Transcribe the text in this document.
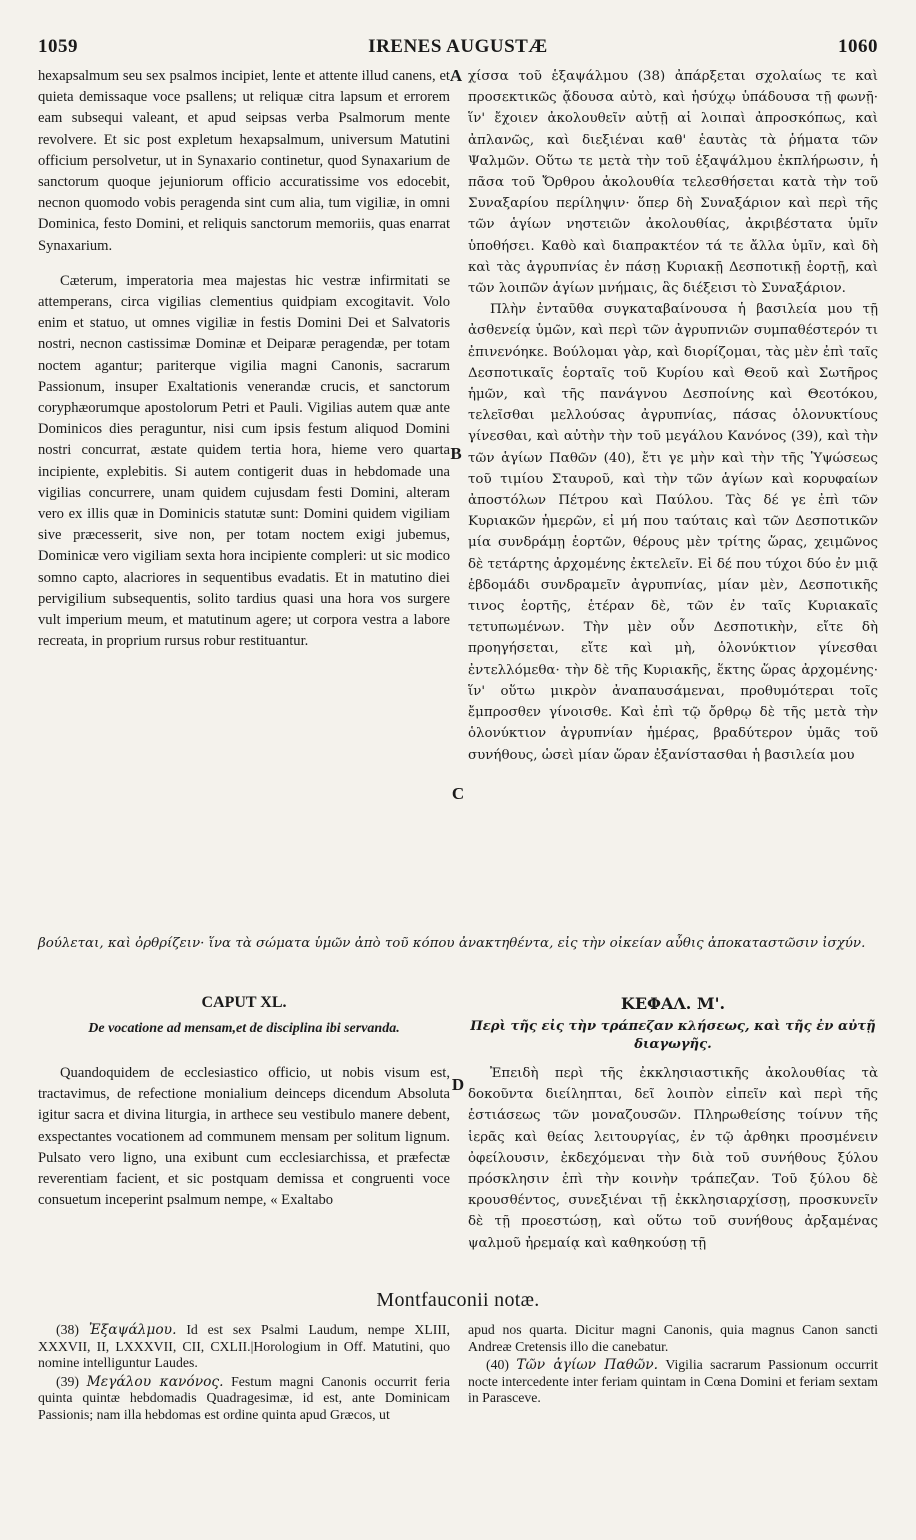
1059	IRENES AUGUSTÆ	1060

hexapsalmum seu sex psalmos incipiet, lente et attente illud canens, et quieta demissaque voce psallens; ut reliquæ citra lapsum et errorem eam subsequi valeant, et apud seipsas verba Psalmorum mente revolvere. Et sic post expletum hexapsalmum, universum Matutini officium persolvetur, ut in Synaxario continetur, quod Synaxarium de sanctorum quoque jejuniorum officio accuratissime vos edocebit, necnon quomodo vobis peragenda sint cum alia, tum vigiliæ, in omni Dominica, festo Domini, et reliquis sanctorum memoriis, quas enarrat Synaxarium.

Cæterum, imperatoria mea majestas hic vestræ infirmitati se attemperans, circa vigilias clementius quidpiam excogitavit. Volo enim et statuo, ut omnes vigiliæ in festis Domini Dei et Salvatoris nostri, necnon castissimæ Dominæ et Deiparæ peragendæ, per totam noctem agantur; pariterque vigilia magni Canonis, sacrarum Passionum, insuper Exaltationis venerandæ crucis, et sanctorum coryphæorumque apostolorum Petri et Pauli. Vigilias autem quæ ante Dominicos dies peraguntur, nisi cum ipsis festum aliquod Domini nostri concurrat, æstate quidem tertia hora, hieme vero quarta incipiente, explebitis. Si autem contigerit duas in hebdomade una vigilias concurrere, unam quidem cujusdam festi Domini, alteram vero ex illis quæ in Dominicis statutæ sunt: Domini quidem vigiliam sive præcesserit, sive non, per totam noctem exigi jubemus, Dominicæ vero vigiliam sexta hora incipiente compleri: ut sic modico somno capto, alacriores in sequentibus evadatis. Et in matutino diei pervigilium subsequentis, solito tardius quasi una hora vos surgere vult imperium meum, et matutinum agere; ut corpora vestra a labore recreata, in proprium rursus robur restituantur.

χίσσα τοῦ ἑξαψάλμου (38) ἀπάρξεται σχολαίως τε καὶ προσεκτικῶς ᾄδουσα αὐτὸ, καὶ ἡσύχῳ ὑπάδουσα τῇ φωνῇ· ἵν' ἔχοιεν ἀκολουθεῖν αὐτῇ αἱ λοιπαὶ ἀπροσκόπως, καὶ ἀπλανῶς, καὶ διεξιέναι καθ' ἑαυτὰς τὰ ῥήματα τῶν Ψαλμῶν. Οὕτω τε μετὰ τὴν τοῦ ἑξαψάλμου ἐκπλήρωσιν, ἡ πᾶσα τοῦ Ὄρθρου ἀκολουθία τελεσθήσεται κατὰ τὴν τοῦ Συναξαρίου περίληψιν· ὅπερ δὴ Συναξάριον καὶ περὶ τῆς τῶν ἁγίων νηστειῶν ἀκολουθίας, ἀκριβέστατα ὑμῖν ὑποθήσει. Καθὸ καὶ διαπρακτέον τά τε ἄλλα ὑμῖν, καὶ δὴ καὶ τὰς ἀγρυπνίας ἐν πάσῃ Κυριακῇ Δεσποτικῇ ἑορτῇ, καὶ τῶν λοιπῶν ἁγίων μνήμαις, ἃς διέξεισι τὸ Συναξάριον.

Πλὴν ἐνταῦθα συγκαταβαίνουσα ἡ βασιλεία μου τῇ ἀσθενείᾳ ὑμῶν, καὶ περὶ τῶν ἀγρυπνιῶν συμπαθέστερόν τι ἐπινενόηκε. Βούλομαι γὰρ, καὶ διορίζομαι, τὰς μὲν ἐπὶ ταῖς Δεσποτικαῖς ἑορταῖς τοῦ Κυρίου καὶ Θεοῦ καὶ Σωτῆρος ἡμῶν, καὶ τῆς πανάγνου Δεσποίνης καὶ Θεοτόκου, τελεῖσθαι μελλούσας ἀγρυπνίας, πάσας ὁλονυκτίους γίνεσθαι, καὶ αὐτὴν τὴν τοῦ μεγάλου Κανόνος (39), καὶ τὴν τῶν ἁγίων Παθῶν (40), ἔτι γε μὴν καὶ τὴν τῆς Ὑψώσεως τοῦ τιμίου Σταυροῦ, καὶ τὴν τῶν ἁγίων καὶ κορυφαίων ἀποστόλων Πέτρου καὶ Παύλου. Τὰς δέ γε ἐπὶ τῶν Κυριακῶν ἡμερῶν, εἰ μή που ταύταις καὶ τῶν Δεσποτικῶν μία συνδράμῃ ἑορτῶν, θέρους μὲν τρίτης ὥρας, χειμῶνος δὲ τετάρτης ἀρχομένης ἐκτελεῖν. Εἰ δέ που τύχοι δύο ἐν μιᾷ ἑβδομάδι συνδραμεῖν ἀγρυπνίας, μίαν μὲν, Δεσποτικῆς τινος ἑορτῆς, ἑτέραν δὲ, τῶν ἐν ταῖς Κυριακαῖς τετυπωμένων. Τὴν μὲν οὖν Δεσποτικὴν, εἴτε δὴ προηγήσεται, εἴτε καὶ μὴ, ὁλονύκτιον γίνεσθαι ἐντελλόμεθα· τὴν δὲ τῆς Κυριακῆς, ἕκτης ὥρας ἀρχομένης· ἵν' οὕτω μικρὸν ἀναπαυσάμεναι, προθυμότεραι τοῖς ἔμπροσθεν γίνοισθε. Καὶ ἐπὶ τῷ ὄρθρῳ δὲ τῆς μετὰ τὴν ὁλονύκτιον ἀγρυπνίαν ἡμέρας, βραδύτερον ὑμᾶς τοῦ συνήθους, ὡσεὶ μίαν ὥραν ἐξανίστασθαι ἡ βασιλεία μου

A
B
C
D
βούλεται, καὶ ὀρθρίζειν· ἵνα τὰ σώματα ὑμῶν ἀπὸ τοῦ κόπου ἀνακτηθέντα, εἰς τὴν οἰκείαν αὖθις ἀποκαταστῶσιν ἰσχύν.
CAPUT XL.
De vocatione ad mensam,et de disciplina ibi servanda.
ΚΕΦΑΛ. Μ'.
Περὶ τῆς εἰς τὴν τράπεζαν κλήσεως, καὶ τῆς ἐν αὐτῇ διαγωγῆς.

Quandoquidem de ecclesiastico officio, ut nobis visum est, tractavimus, de refectione monialium deinceps dicendum Absoluta igitur sacra et divina liturgia, in arthece seu vestibulo manere debent, exspectantes vocationem ad communem mensam per solitum lignum. Pulsato vero ligno, una exibunt cum ecclesiarchissa, et præfectæ reverentiam facient, et sic postquam demissa et congruenti voce consuetum inceperint psalmum nempe, « Exaltabo

Ἐπειδὴ περὶ τῆς ἐκκλησιαστικῆς ἀκολουθίας τὰ δοκοῦντα διείληπται, δεῖ λοιπὸν εἰπεῖν καὶ περὶ τῆς ἑστιάσεως τῶν μοναζουσῶν. Πληρωθείσης τοίνυν τῆς ἱερᾶς καὶ θείας λειτουργίας, ἐν τῷ ἀρθηκι προσμένειν ὀφείλουσιν, ἐκδεχόμεναι τὴν διὰ τοῦ συνήθους ξύλου πρόσκλησιν ἐπὶ τὴν κοινὴν τράπεζαν. Τοῦ ξύλου δὲ κρουσθέντος, συνεξιέναι τῇ ἐκκλησιαρχίσσῃ, προσκυνεῖν δὲ τῇ προεστώσῃ, καὶ οὕτω τοῦ συνήθους ἀρξαμένας ψαλμοῦ ἠρεμαίᾳ καὶ καθηκούσῃ τῇ

Montfauconii notæ.

(38) Ἐξαψάλμου. Id est sex Psalmi Laudum, nempe XLIII, XXXVII, II, LXXXVII, CII, CXLII.|Horologium in Off. Matutini, quo nomine intelliguntur Laudes.

(39) Μεγάλου κανόνος. Festum magni Canonis occurrit feria quinta quintæ hebdomadis Quadragesimæ, id est, ante Dominicam Passionis; nam illa hebdomas est ordine quinta apud Græcos, ut

apud nos quarta. Dicitur magni Canonis, quia magnus Canon sancti Andreæ Cretensis illo die canebatur.

(40) Τῶν ἁγίων Παθῶν. Vigilia sacrarum Passionum occurrit nocte intercedente inter feriam quintam in Cœna Domini et feriam sextam in Parasceve.
